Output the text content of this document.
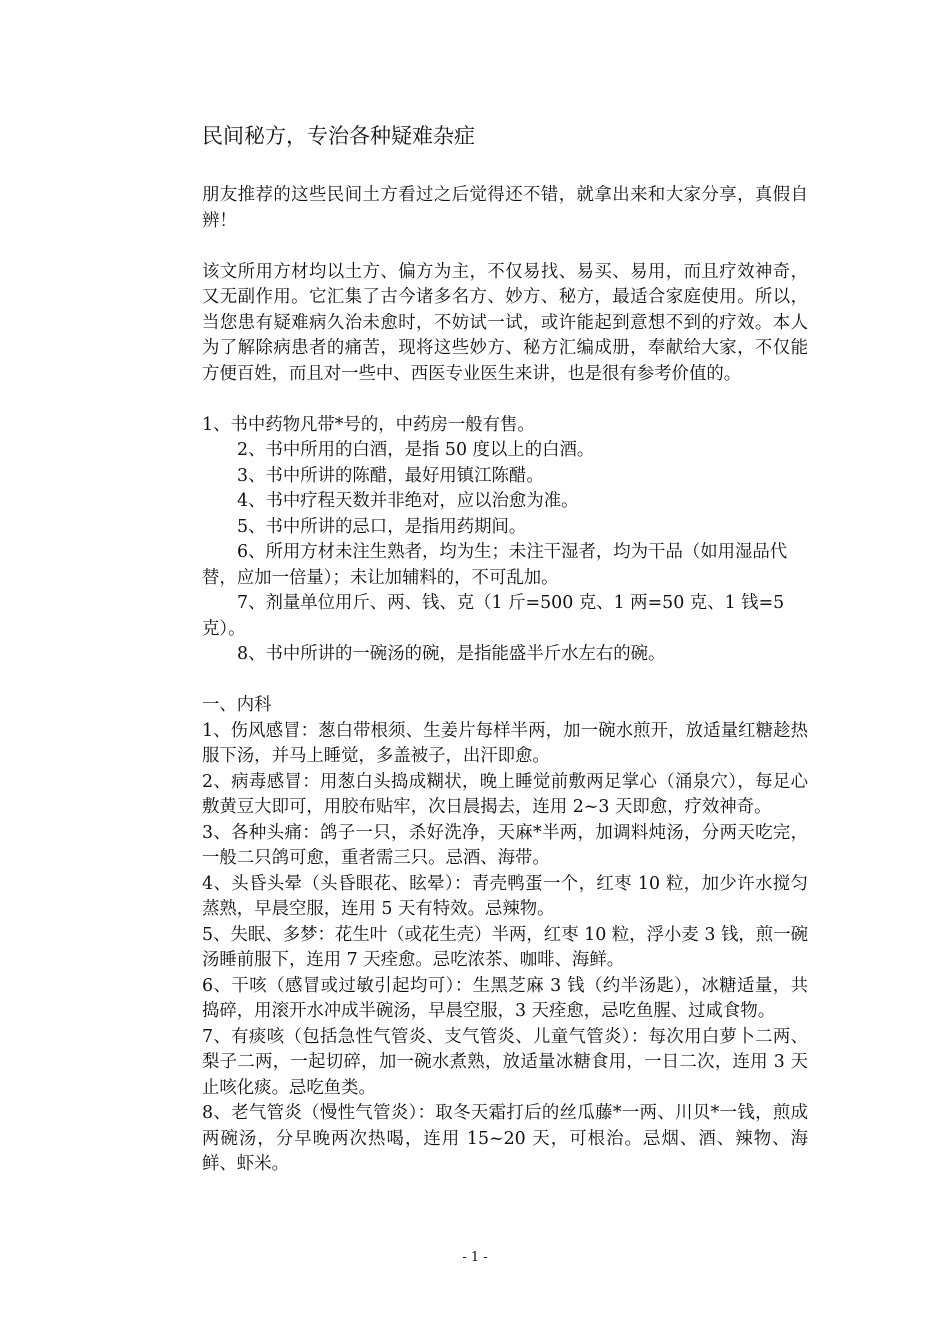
民间秘方，专治各种疑难杂症

朋友推荐的这些民间土方看过之后觉得还不错，就拿出来和大家分享，真假自辨！

该文所用方材均以土方、偏方为主，不仅易找、易买、易用，而且疗效神奇，又无副作用。它汇集了古今诸多名方、妙方、秘方，最适合家庭使用。所以，当您患有疑难病久治未愈时，不妨试一试，或许能起到意想不到的疗效。本人为了解除病患者的痛苦，现将这些妙方、秘方汇编成册，奉献给大家，不仅能方便百姓，而且对一些中、西医专业医生来讲，也是很有参考价值的。

1、书中药物凡带*号的，中药房一般有售。

2、书中所用的白酒，是指 50 度以上的白酒。

3、书中所讲的陈醋，最好用镇江陈醋。

4、书中疗程天数并非绝对，应以治愈为准。

5、书中所讲的忌口，是指用药期间。

6、所用方材未注生熟者，均为生；未注干湿者，均为干品（如用湿品代替，应加一倍量）；未让加辅料的，不可乱加。

7、剂量单位用斤、两、钱、克（1 斤=500 克、1 两=50 克、1 钱=5 克）。

8、书中所讲的一碗汤的碗，是指能盛半斤水左右的碗。

一、内科

1、伤风感冒：葱白带根须、生姜片每样半两，加一碗水煎开，放适量红糖趁热服下汤，并马上睡觉，多盖被子，出汗即愈。

2、病毒感冒：用葱白头捣成糊状，晚上睡觉前敷两足掌心（涌泉穴），每足心敷黄豆大即可，用胶布贴牢，次日晨揭去，连用 2~3 天即愈，疗效神奇。

3、各种头痛：鸽子一只，杀好洗净，天麻*半两，加调料炖汤，分两天吃完，一般二只鸽可愈，重者需三只。忌酒、海带。

4、头昏头晕（头昏眼花、眩晕）：青壳鸭蛋一个，红枣 10 粒，加少许水搅匀蒸熟，早晨空服，连用 5 天有特效。忌辣物。

5、失眠、多梦：花生叶（或花生壳）半两，红枣 10 粒，浮小麦 3 钱，煎一碗汤睡前服下，连用 7 天痊愈。忌吃浓茶、咖啡、海鲜。

6、干咳（感冒或过敏引起均可）：生黑芝麻 3 钱（约半汤匙），冰糖适量，共捣碎，用滚开水冲成半碗汤，早晨空服，3 天痊愈，忌吃鱼腥、过咸食物。

7、有痰咳（包括急性气管炎、支气管炎、儿童气管炎）：每次用白萝卜二两、梨子二两，一起切碎，加一碗水煮熟，放适量冰糖食用，一日二次，连用 3 天止咳化痰。忌吃鱼类。

8、老气管炎（慢性气管炎）：取冬天霜打后的丝瓜藤*一两、川贝*一钱，煎成两碗汤，分早晚两次热喝，连用 15~20 天，可根治。忌烟、酒、辣物、海鲜、虾米。

- 1 -
